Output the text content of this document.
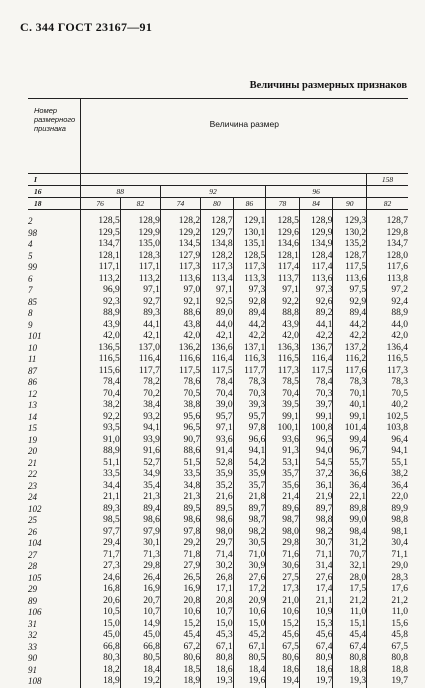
С. 344 ГОСТ 23167—91
Величины размерных признаков
Номер размерного признака	Величина размер								
I									158
16	88		92			96			
18	76	82	74	80	86	78	84	90	82
2	128,5	128,9	128,2	128,7	129,1	128,5	128,9	129,3	128,7
98	129,5	129,9	129,2	129,7	130,1	129,6	129,9	130,2	129,8
4	134,7	135,0	134,5	134,8	135,1	134,6	134,9	135,2	134,7
5	128,1	128,3	127,9	128,2	128,5	128,1	128,4	128,7	128,0
99	117,1	117,1	117,3	117,3	117,3	117,4	117,4	117,5	117,6
6	113,2	113,2	113,6	113,4	113,3	113,7	113,6	113,6	113,8
7	96,9	97,1	97,0	97,1	97,3	97,1	97,3	97,5	97,2
85	92,3	92,7	92,1	92,5	92,8	92,2	92,6	92,9	92,4
8	88,9	89,3	88,6	89,0	89,4	88,8	89,2	89,4	88,9
9	43,9	44,1	43,8	44,0	44,2	43,9	44,1	44,2	44,0
101	42,0	42,1	42,0	42,1	42,2	42,0	42,2	42,2	42,0
10	136,5	137,0	136,2	136,6	137,1	136,3	136,7	137,2	136,4
11	116,5	116,4	116,6	116,4	116,3	116,5	116,4	116,2	116,5
87	115,6	117,7	117,5	117,5	117,7	117,3	117,5	117,6	117,3
86	78,4	78,2	78,6	78,4	78,3	78,5	78,4	78,3	78,3
12	70,4	70,2	70,5	70,4	70,3	70,4	70,3	70,1	70,5
13	38,2	38,4	38,8	39,0	39,3	39,5	39,7	40,1	40,2
14	92,2	93,2	95,6	95,7	95,7	99,1	99,1	99,1	102,5
15	93,5	94,1	96,5	97,1	97,8	100,1	100,8	101,4	103,8
19	91,0	93,9	90,7	93,6	96,6	93,6	96,5	99,4	96,4
20	88,9	91,6	88,6	91,4	94,1	91,3	94,0	96,7	94,1
21	51,1	52,7	51,5	52,8	54,2	53,1	54,5	55,7	55,1
22	33,5	34,9	33,5	35,9	35,9	35,7	37,2	36,6	38,2
23	34,4	35,4	34,8	35,2	35,7	35,6	36,1	36,4	36,4
24	21,1	21,3	21,3	21,6	21,8	21,4	21,9	22,1	22,0
102	89,3	89,4	89,5	89,5	89,7	89,6	89,7	89,8	89,9
25	98,5	98,6	98,6	98,6	98,7	98,7	98,8	99,0	98,8
26	97,7	97,9	97,8	98,0	98,2	98,0	98,2	98,4	98,1
104	29,4	30,1	29,2	29,7	30,5	29,8	30,7	31,2	30,4
27	71,7	71,3	71,8	71,4	71,0	71,6	71,1	70,7	71,1
28	27,3	29,8	27,9	30,2	30,9	30,6	31,4	32,1	29,0
105	24,6	26,4	26,5	26,8	27,6	27,5	27,6	28,0	28,3
29	16,8	16,9	16,9	17,1	17,2	17,3	17,4	17,5	17,6
89	20,6	20,7	20,8	20,8	20,9	21,0	21,1	21,2	21,2
106	10,5	10,7	10,6	10,7	10,6	10,6	10,9	11,0	11,0
31	15,0	14,9	15,2	15,0	15,0	15,2	15,3	15,1	15,6
32	45,0	45,0	45,4	45,3	45,2	45,6	45,6	45,4	45,8
33	66,8	66,8	67,2	67,1	67,1	67,5	67,4	67,4	67,5
90	80,3	80,5	80,6	80,8	80,5	80,6	80,9	80,8	80,8
91	18,2	18,4	18,5	18,6	18,4	18,6	18,6	18,8	18,8
108	18,9	19,2	18,9	19,3	19,6	19,4	19,7	19,3	19,7
